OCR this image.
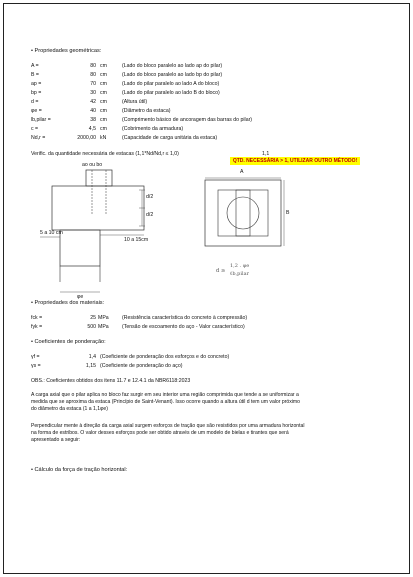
• Propriedades geométricas:
A =	80 cm	(Lado do bloco paralelo ao lado ap do pilar)
B =	80 cm	(Lado do bloco paralelo ao lado bp do pilar)
ap =	70 cm	(Lado do pilar paralelo ao lado A do bloco)
bp =	30 cm	(Lado do pilar paralelo ao lado B do bloco)
d =	42 cm	(Altura útil)
φe =	40 cm	(Diâmetro da estaca)
lb,pilar =	38 cm	(Comprimento básico de ancoragem das barras do pilar)
c =	4,5 cm	(Cobrimento da armadura)
Nd,r =	2000,00 kN	(Capacidade de carga unitária da estaca)
Verific. da quantidade necessária de estacas (1,1*Nd/Nd,r ≤ 1,0)	1,1
QTD. NECESSÁRIA > 1, UTILIZAR OUTRO MÉTODO!
ao ou bo
d/2
d/2
5 a 10 cm
10 a 15cm
φe
A
B
d ≥
1,2 . φe
ℓb,pilar
• Propriedades dos materiais:
fck =	25 MPa	(Resistência característica do concreto à compressão)
fyk =	500 MPa	(Tensão de escoamento do aço - Valor característico)
• Coeficientes de ponderação:
γf =	1,4 (Coeficiente de ponderação dos esforços e do concreto)
γs =	1,15 (Coeficiente de ponderação do aço)
OBS.: Coeficientes obtidos dos itens 11.7 e 12.4.1 da NBR6118:2023
A carga axial que o pilar aplica no bloco faz surgir em seu interior uma região comprimida que tende a se uniformizar a
medida que se aproxima da estaca (Princípio de Saint-Venant). Isso ocorre quando a altura útil d tem um valor próximo
do diâmetro da estaca (1 a 1,1φe)
Perpendicular mente à direção da carga axial surgem esforços de tração que são resistidos por uma armadura horizontal
na forma de estribos. O valor desses esforços pode ser obtido através de um modelo de bielas e tirantes que será
apresentado a seguir:
• Cálculo da força de tração horizontal:
